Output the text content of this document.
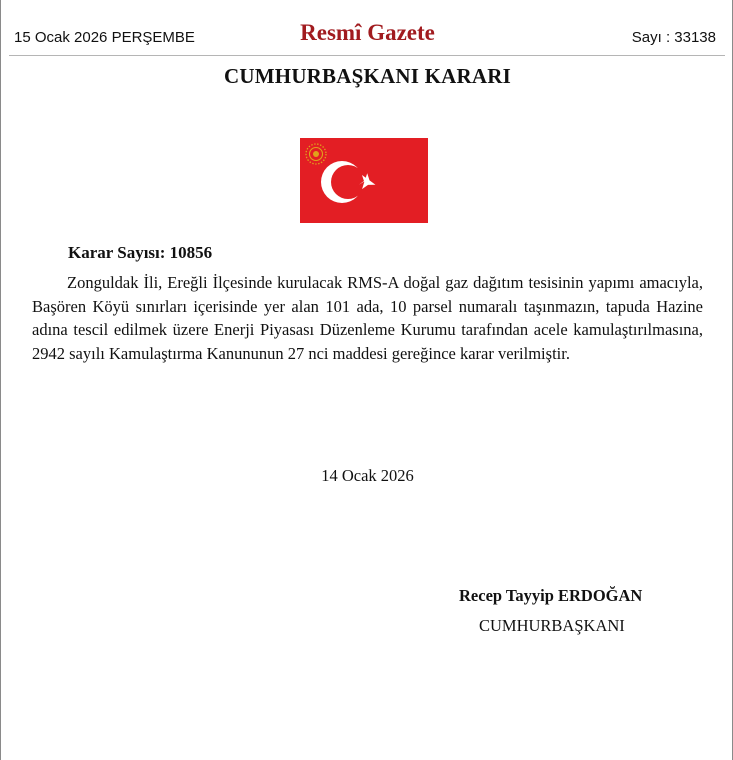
15 Ocak 2026 PERŞEMBE	Resmî Gazete	Sayı : 33138
CUMHURBAŞKANI KARARI
Karar Sayısı: 10856
Zonguldak İli, Ereğli İlçesinde kurulacak RMS-A doğal gaz dağıtım tesisinin yapımı amacıyla, Başören Köyü sınırları içerisinde yer alan 101 ada, 10 parsel numaralı taşınmazın, tapuda Hazine adına tescil edilmek üzere Enerji Piyasası Düzenleme Kurumu tarafından acele kamulaştırılmasına, 2942 sayılı Kamulaştırma Kanununun 27 nci maddesi gereğince karar verilmiştir.
14 Ocak 2026
Recep Tayyip ERDOĞAN
CUMHURBAŞKANI
